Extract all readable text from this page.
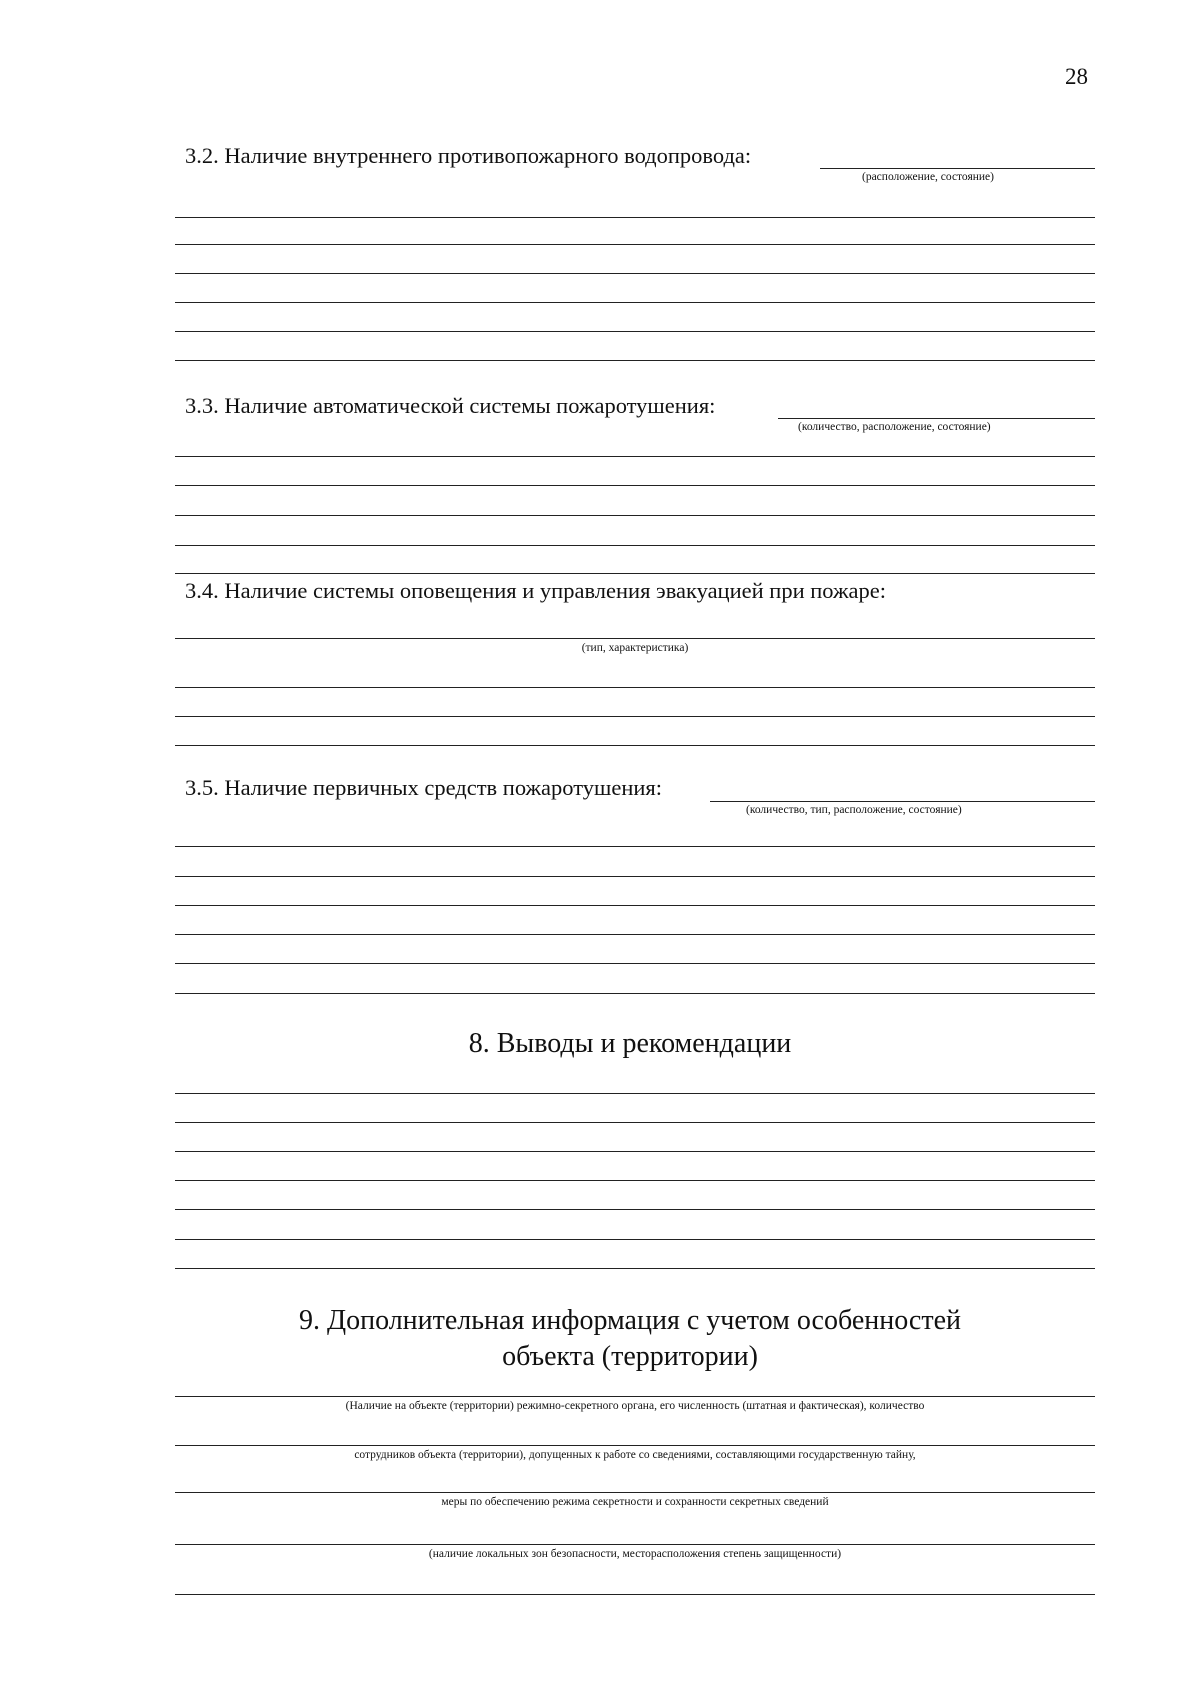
28
3.2. Наличие внутреннего противопожарного водопровода:
(расположение, состояние)
3.3. Наличие автоматической системы пожаротушения:
(количество, расположение, состояние)
3.4. Наличие системы оповещения и управления эвакуацией при пожаре:
(тип, характеристика)
3.5. Наличие первичных средств пожаротушения:
(количество, тип, расположение, состояние)
8. Выводы и рекомендации
9. Дополнительная информация с учетом особенностей
объекта (территории)
(Наличие на объекте (территории) режимно-секретного органа, его численность (штатная и фактическая), количество
сотрудников объекта (территории), допущенных к работе со сведениями, составляющими государственную тайну,
меры по обеспечению режима секретности и сохранности секретных сведений
(наличие локальных зон безопасности, месторасположения степень защищенности)
